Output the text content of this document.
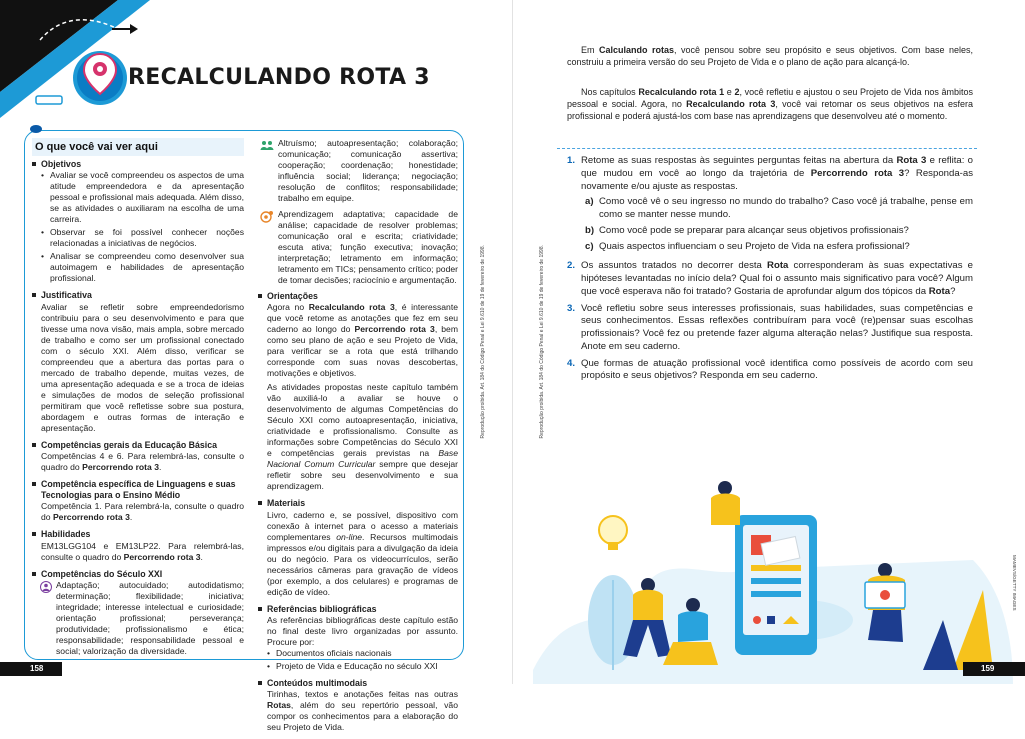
RECALCULANDO ROTA 3
O que você vai ver aqui
Objetivos
• Avaliar se você compreendeu os aspectos de uma atitude empreendedora e da apresentação pessoal e profissional mais adequada. Além disso, se as atividades o auxiliaram na escolha de uma carreira.
• Observar se foi possível conhecer noções relacionadas a iniciativas de negócios.
• Analisar se compreendeu como desenvolver sua autoimagem e habilidades de apresentação profissional.
Justificativa
Avaliar se refletir sobre empreendedorismo contribuiu para o seu desenvolvimento e para que tivesse uma nova visão, mais ampla, sobre mercado de trabalho e como ser um profissional conectado com o século XXI. Além disso, verificar se compreendeu que a abertura das portas para o mercado de trabalho depende, muitas vezes, de uma apresentação adequada e se a troca de ideias e simulações de modos de seleção profissional permitiram que você refletisse sobre sua postura, abordagem e outras formas de interação e apresentação.
Competências gerais da Educação Básica
Competências 4 e 6. Para relembrá-las, consulte o quadro do Percorrendo rota 3.
Competência específica de Linguagens e suas Tecnologias para o Ensino Médio
Competência 1. Para relembrá-la, consulte o quadro do Percorrendo rota 3.
Habilidades
EM13LGG104 e EM13LP22. Para relembrá-las, consulte o quadro do Percorrendo rota 3.
Competências do Século XXI
Adaptação; autocuidado; autodidatismo; determinação; flexibilidade; iniciativa; integridade; interesse intelectual e curiosidade; orientação profissional; perseverança; produtividade; profissionalismo e ética; responsabilidade; responsabilidade pessoal e social; valorização da diversidade.
Altruísmo; autoapresentação; colaboração; comunicação; comunicação assertiva; cooperação; coordenação; honestidade; influência social; liderança; negociação; resolução de conflitos; responsabilidade; trabalho em equipe.
Aprendizagem adaptativa; capacidade de análise; capacidade de resolver problemas; comunicação oral e escrita; criatividade; escuta ativa; função executiva; inovação; interpretação; letramento em informação; letramento em TICs; pensamento crítico; poder de tomar decisões; raciocínio e argumentação.
Orientações
Agora no Recalculando rota 3, é interessante que você retome as anotações que fez em seu caderno ao longo do Percorrendo rota 3, bem como seu plano de ação e seu Projeto de Vida, para verificar se a rota que está trilhando corresponde com suas novas descobertas, motivações e objetivos.
As atividades propostas neste capítulo também vão auxiliá-lo a avaliar se houve o desenvolvimento de algumas Competências do Século XXI como autoapresentação, iniciativa, criatividade e profissionalismo. Consulte as informações sobre Competências do Século XXI e competências gerais previstas na Base Nacional Comum Curricular sempre que desejar refletir sobre seu desenvolvimento e sua aprendizagem.
Materiais
Livro, caderno e, se possível, dispositivo com conexão à internet para o acesso a materiais complementares on-line. Recursos multimodais impressos e/ou digitais para a divulgação da ideia ou do negócio. Para os videocurrículos, serão necessários câmeras para gravação de vídeos (por exemplo, a dos celulares) e programas de edição de vídeo.
Referências bibliográficas
As referências bibliográficas deste capítulo estão no final deste livro organizadas por assunto. Procure por:
• Documentos oficiais nacionais
• Projeto de Vida e Educação no século XXI
Conteúdos multimodais
Tirinhas, textos e anotações feitas nas outras Rotas, além do seu repertório pessoal, vão compor os conhecimentos para a elaboração do seu Projeto de Vida.
Reprodução proibida. Art. 184 do Código Penal e Lei 9.610 de 19 de fevereiro de 1998.
158
Reprodução proibida. Art. 184 do Código Penal e Lei 9.610 de 19 de fevereiro de 1998.
Em Calculando rotas, você pensou sobre seu propósito e seus objetivos. Com base neles, construiu a primeira versão do seu Projeto de Vida e o plano de ação para alcançá-lo.
Nos capítulos Recalculando rota 1 e 2, você refletiu e ajustou o seu Projeto de Vida nos âmbitos pessoal e social. Agora, no Recalculando rota 3, você vai retomar os seus objetivos na esfera profissional e poderá ajustá-los com base nas aprendizagens que desenvolveu até o momento.
1. Retome as suas respostas às seguintes perguntas feitas na abertura da Rota 3 e reflita: o que mudou em você ao longo da trajetória de Percorrendo rota 3? Responda-as novamente e/ou ajuste as respostas.
a) Como você vê o seu ingresso no mundo do trabalho? Caso você já trabalhe, pense em como se manter nesse mundo.
b) Como você pode se preparar para alcançar seus objetivos profissionais?
c) Quais aspectos influenciam o seu Projeto de Vida na esfera profissional?
2. Os assuntos tratados no decorrer desta Rota corresponderam às suas expectativas e hipóteses levantadas no início dela? Qual foi o assunto mais significativo para você? Algum que você esperava não foi tratado? Gostaria de aprofundar algum dos tópicos da Rota?
3. Você refletiu sobre seus interesses profissionais, suas habilidades, suas competências e seus conhecimentos. Essas reflexões contribuíram para você (re)pensar suas escolhas profissionais? Você fez ou pretende fazer alguma alteração nelas? Justifique sua resposta. Anote em seu caderno.
4. Que formas de atuação profissional você identifica como possíveis de acordo com seu propósito e seus objetivos? Responda em seu caderno.
MAMEVS/GETTY IMAGES
159
